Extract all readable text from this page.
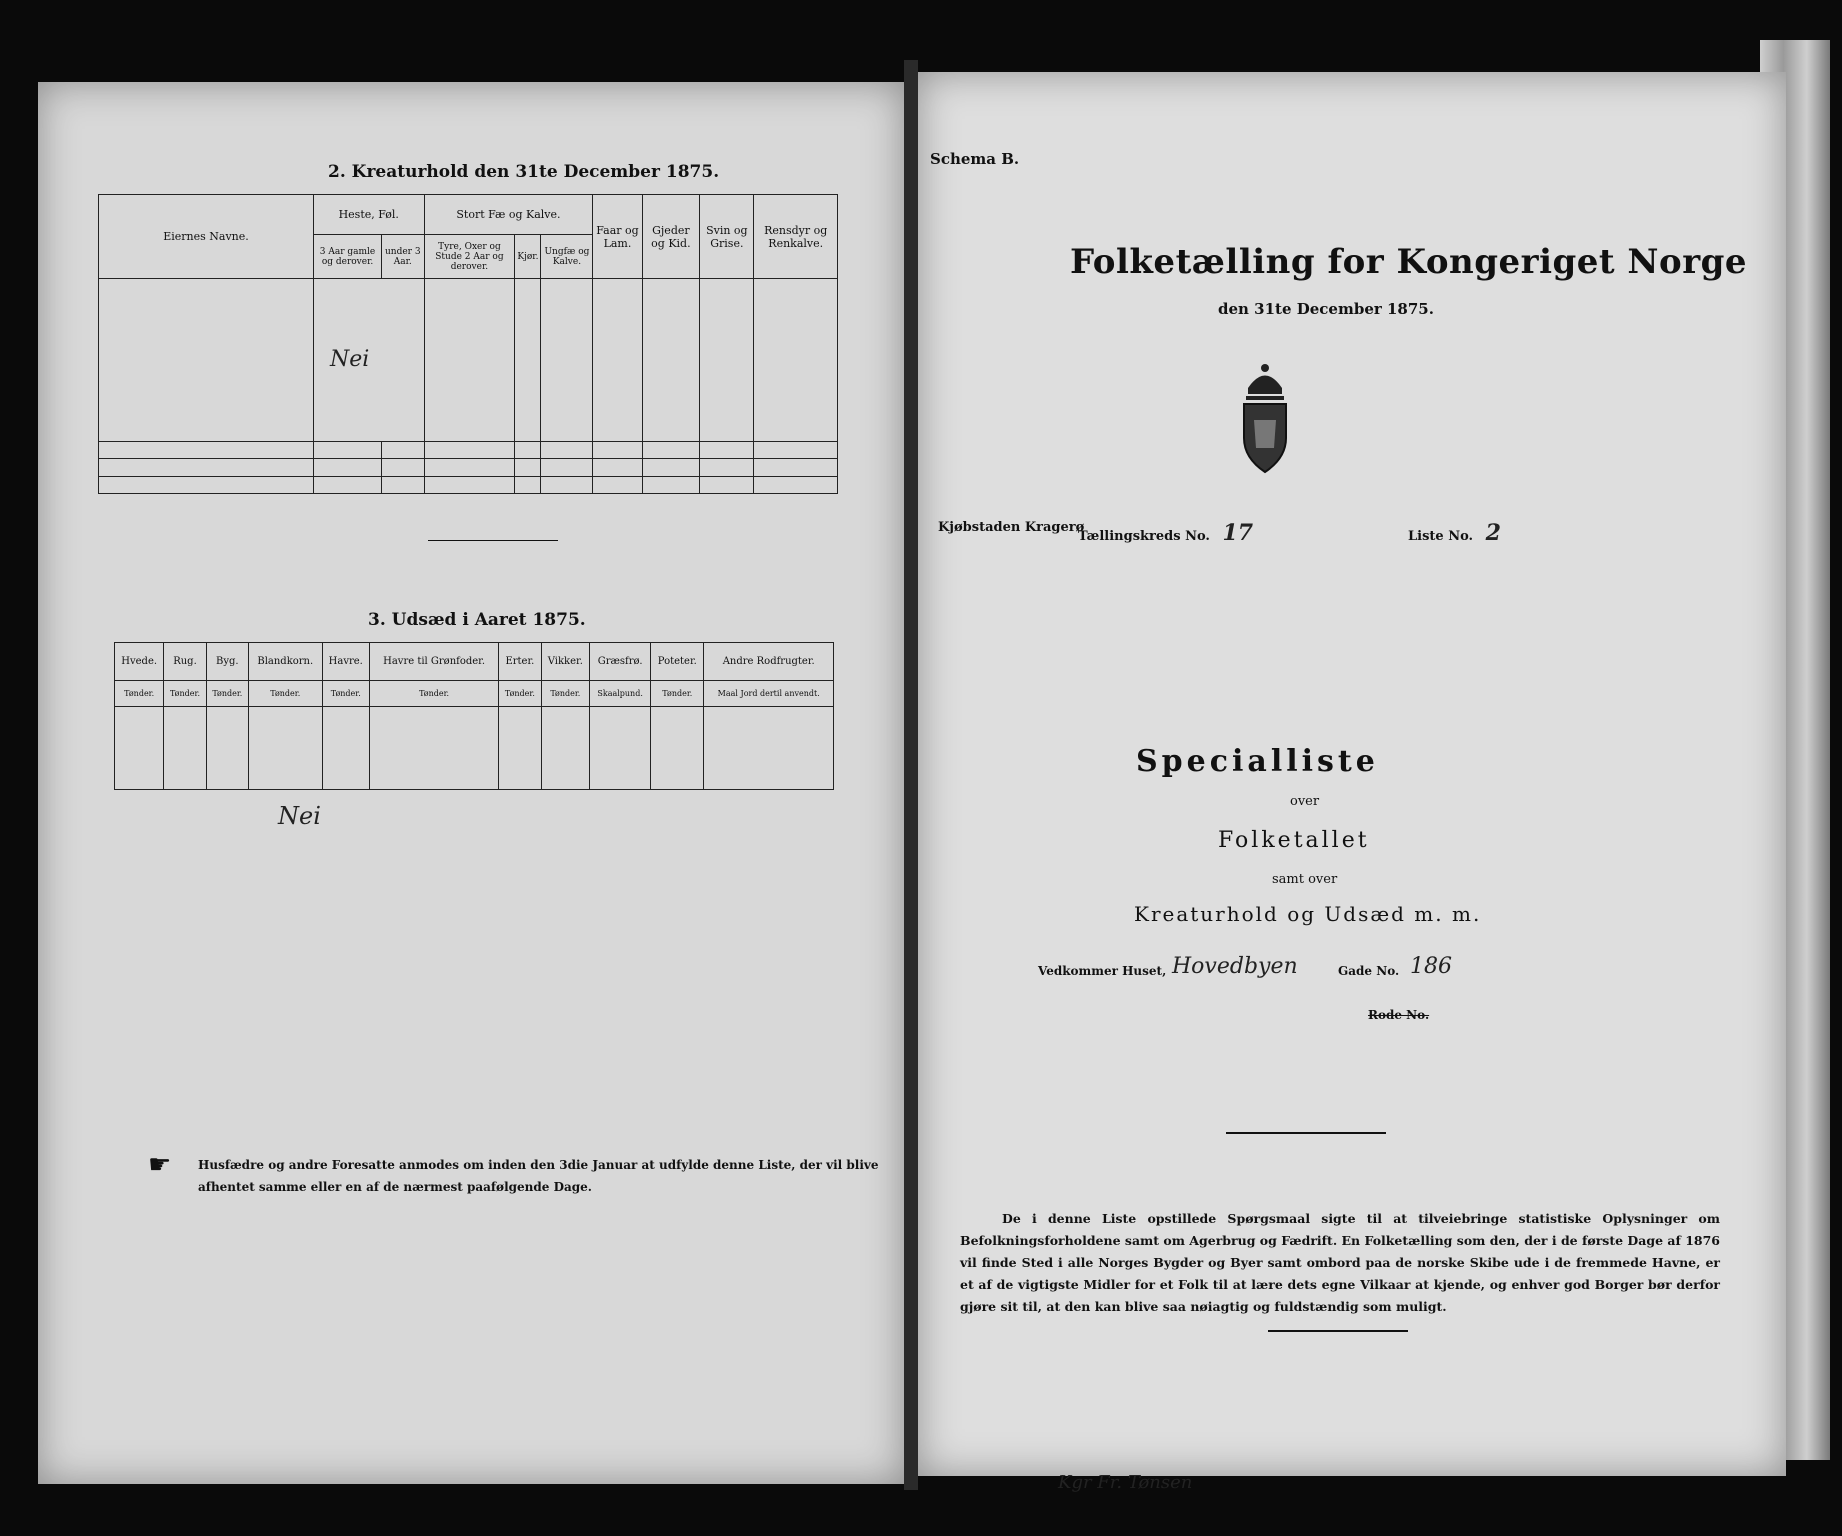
2. Kreaturhold den 31te December 1875.
Eiernes Navne.	Heste, Føl.		Stort Fæ og Kalve.			Faar og Lam.	Gjeder og Kid.	Svin og Grise.	Rensdyr og Renkalve.
	3 Aar gamle og derover.	under 3 Aar.	Tyre, Oxer og Stude 2 Aar og derover.	Kjør.	Ungfæ og Kalve.				
	Nei								

3. Udsæd i Aaret 1875.
Hvede.	Rug.	Byg.	Blandkorn.	Havre.	Havre til Grønfoder.	Erter.	Vikker.	Græsfrø.	Poteter.	Andre Rodfrugter.
Tønder.	Tønder.	Tønder.	Tønder.	Tønder.	Tønder.	Tønder.	Tønder.	Skaalpund.	Tønder.	Maal Jord dertil anvendt.

Nei
☛ Husfædre og andre Foresatte anmodes om inden den 3die Januar at udfylde denne Liste, der vil blive afhentet samme eller en af de nærmest paafølgende Dage.
Schema B.
Folketælling for Kongeriget Norge
den 31te December 1875.
Kjøbstaden Kragerø
Tællingskreds No. 17	Liste No. 2
Specialliste
over
Folketallet
samt over
Kreaturhold og Udsæd m. m.
Vedkommer Huset, Hovedbyen	Gade No. 186
Rode No.
De i denne Liste opstillede Spørgsmaal sigte til at tilveiebringe statistiske Oplysninger om Befolkningsforholdene samt om Agerbrug og Fædrift. En Folketælling som den, der i de første Dage af 1876 vil finde Sted i alle Norges Bygder og Byer samt ombord paa de norske Skibe ude i de fremmede Havne, er et af de vigtigste Midler for et Folk til at lære dets egne Vilkaar at kjende, og enhver god Borger bør derfor gjøre sit til, at den kan blive saa nøiagtig og fuldstændig som muligt.
Kgr Fr. Tønsen
